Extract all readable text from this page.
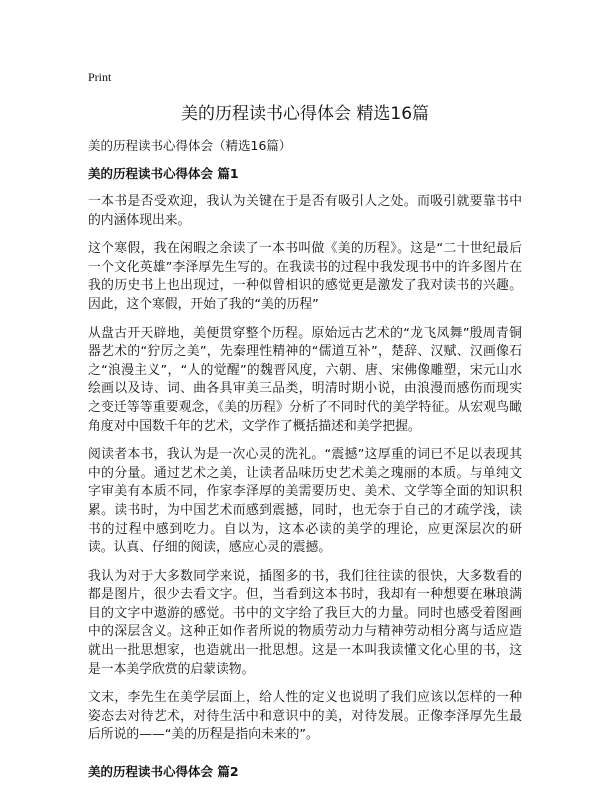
Print
美的历程读书心得体会 精选16篇
美的历程读书心得体会（精选16篇）
美的历程读书心得体会 篇1

一本书是否受欢迎，我认为关键在于是否有吸引人之处。而吸引就要靠书中的内涵体现出来。

这个寒假，我在闲暇之余读了一本书叫做《美的历程》。这是“二十世纪最后一个文化英雄”李泽厚先生写的。在我读书的过程中我发现书中的许多图片在我的历史书上也出现过，一种似曾相识的感觉更是激发了我对读书的兴趣。因此，这个寒假，开始了我的“美的历程”

从盘古开天辟地，美便贯穿整个历程。原始远古艺术的“龙飞凤舞”殷周青铜器艺术的“狞厉之美”，先秦理性精神的“儒道互补”，楚辞、汉赋、汉画像石之“浪漫主义”，“人的觉醒”的魏晋风度，六朝、唐、宋佛像雕塑，宋元山水绘画以及诗、词、曲各具审美三品类，明清时期小说，由浪漫而感伤而现实之变迁等等重要观念，《美的历程》分析了不同时代的美学特征。从宏观鸟瞰角度对中国数千年的艺术，文学作了概括描述和美学把握。

阅读者本书，我认为是一次心灵的洗礼。“震撼”这厚重的词已不足以表现其中的分量。通过艺术之美，让读者品味历史艺术美之瑰丽的本质。与单纯文字审美有本质不同，作家李泽厚的美需要历史、美术、文学等全面的知识积累。读书时，为中国艺术而感到震撼，同时，也无奈于自己的才疏学浅，读书的过程中感到吃力。自以为，这本必读的美学的理论，应更深层次的研读。认真、仔细的阅读，感应心灵的震撼。

我认为对于大多数同学来说，插图多的书，我们往往读的很快，大多数看的都是图片，很少去看文字。但，当看到这本书时，我却有一种想要在琳琅满目的文字中遨游的感觉。书中的文字给了我巨大的力量。同时也感受着图画中的深层含义。这种正如作者所说的物质劳动力与精神劳动相分离与适应造就出一批思想家，也造就出一批思想。这是一本叫我读懂文化心里的书，这是一本美学欣赏的启蒙读物。

文末，李先生在美学层面上，给人性的定义也说明了我们应该以怎样的一种姿态去对待艺术，对待生活中和意识中的美，对待发展。正像李泽厚先生最后所说的——“美的历程是指向未来的”。

美的历程读书心得体会 篇2
